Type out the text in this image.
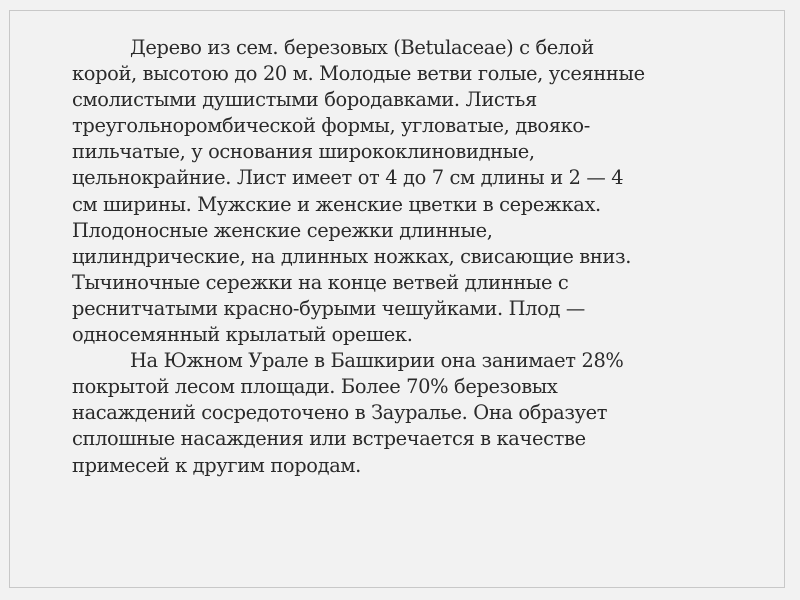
Дерево из сем. березовых (Betulaceae) с белой
корой, высотою до 20 м. Молодые ветви голые, усеянные
смолистыми душистыми бородавками. Листья
треугольноромбической формы, угловатые, двояко-
пильчатые, у основания ширококлиновидные,
цельнокрайние. Лист имеет от 4 до 7 см длины и 2 — 4
см ширины. Мужские и женские цветки в сережках.
Плодоносные женские сережки длинные,
цилиндрические, на длинных ножках, свисающие вниз.
Тычиночные сережки на конце ветвей длинные с
реснитчатыми красно-бурыми чешуйками. Плод —
односемянный крылатый орешек.

На Южном Урале в Башкирии она занимает 28%
покрытой лесом площади. Более 70% березовых
насаждений сосредоточено в Зауралье. Она образует
сплошные насаждения или встречается в качестве
примесей к другим породам.
